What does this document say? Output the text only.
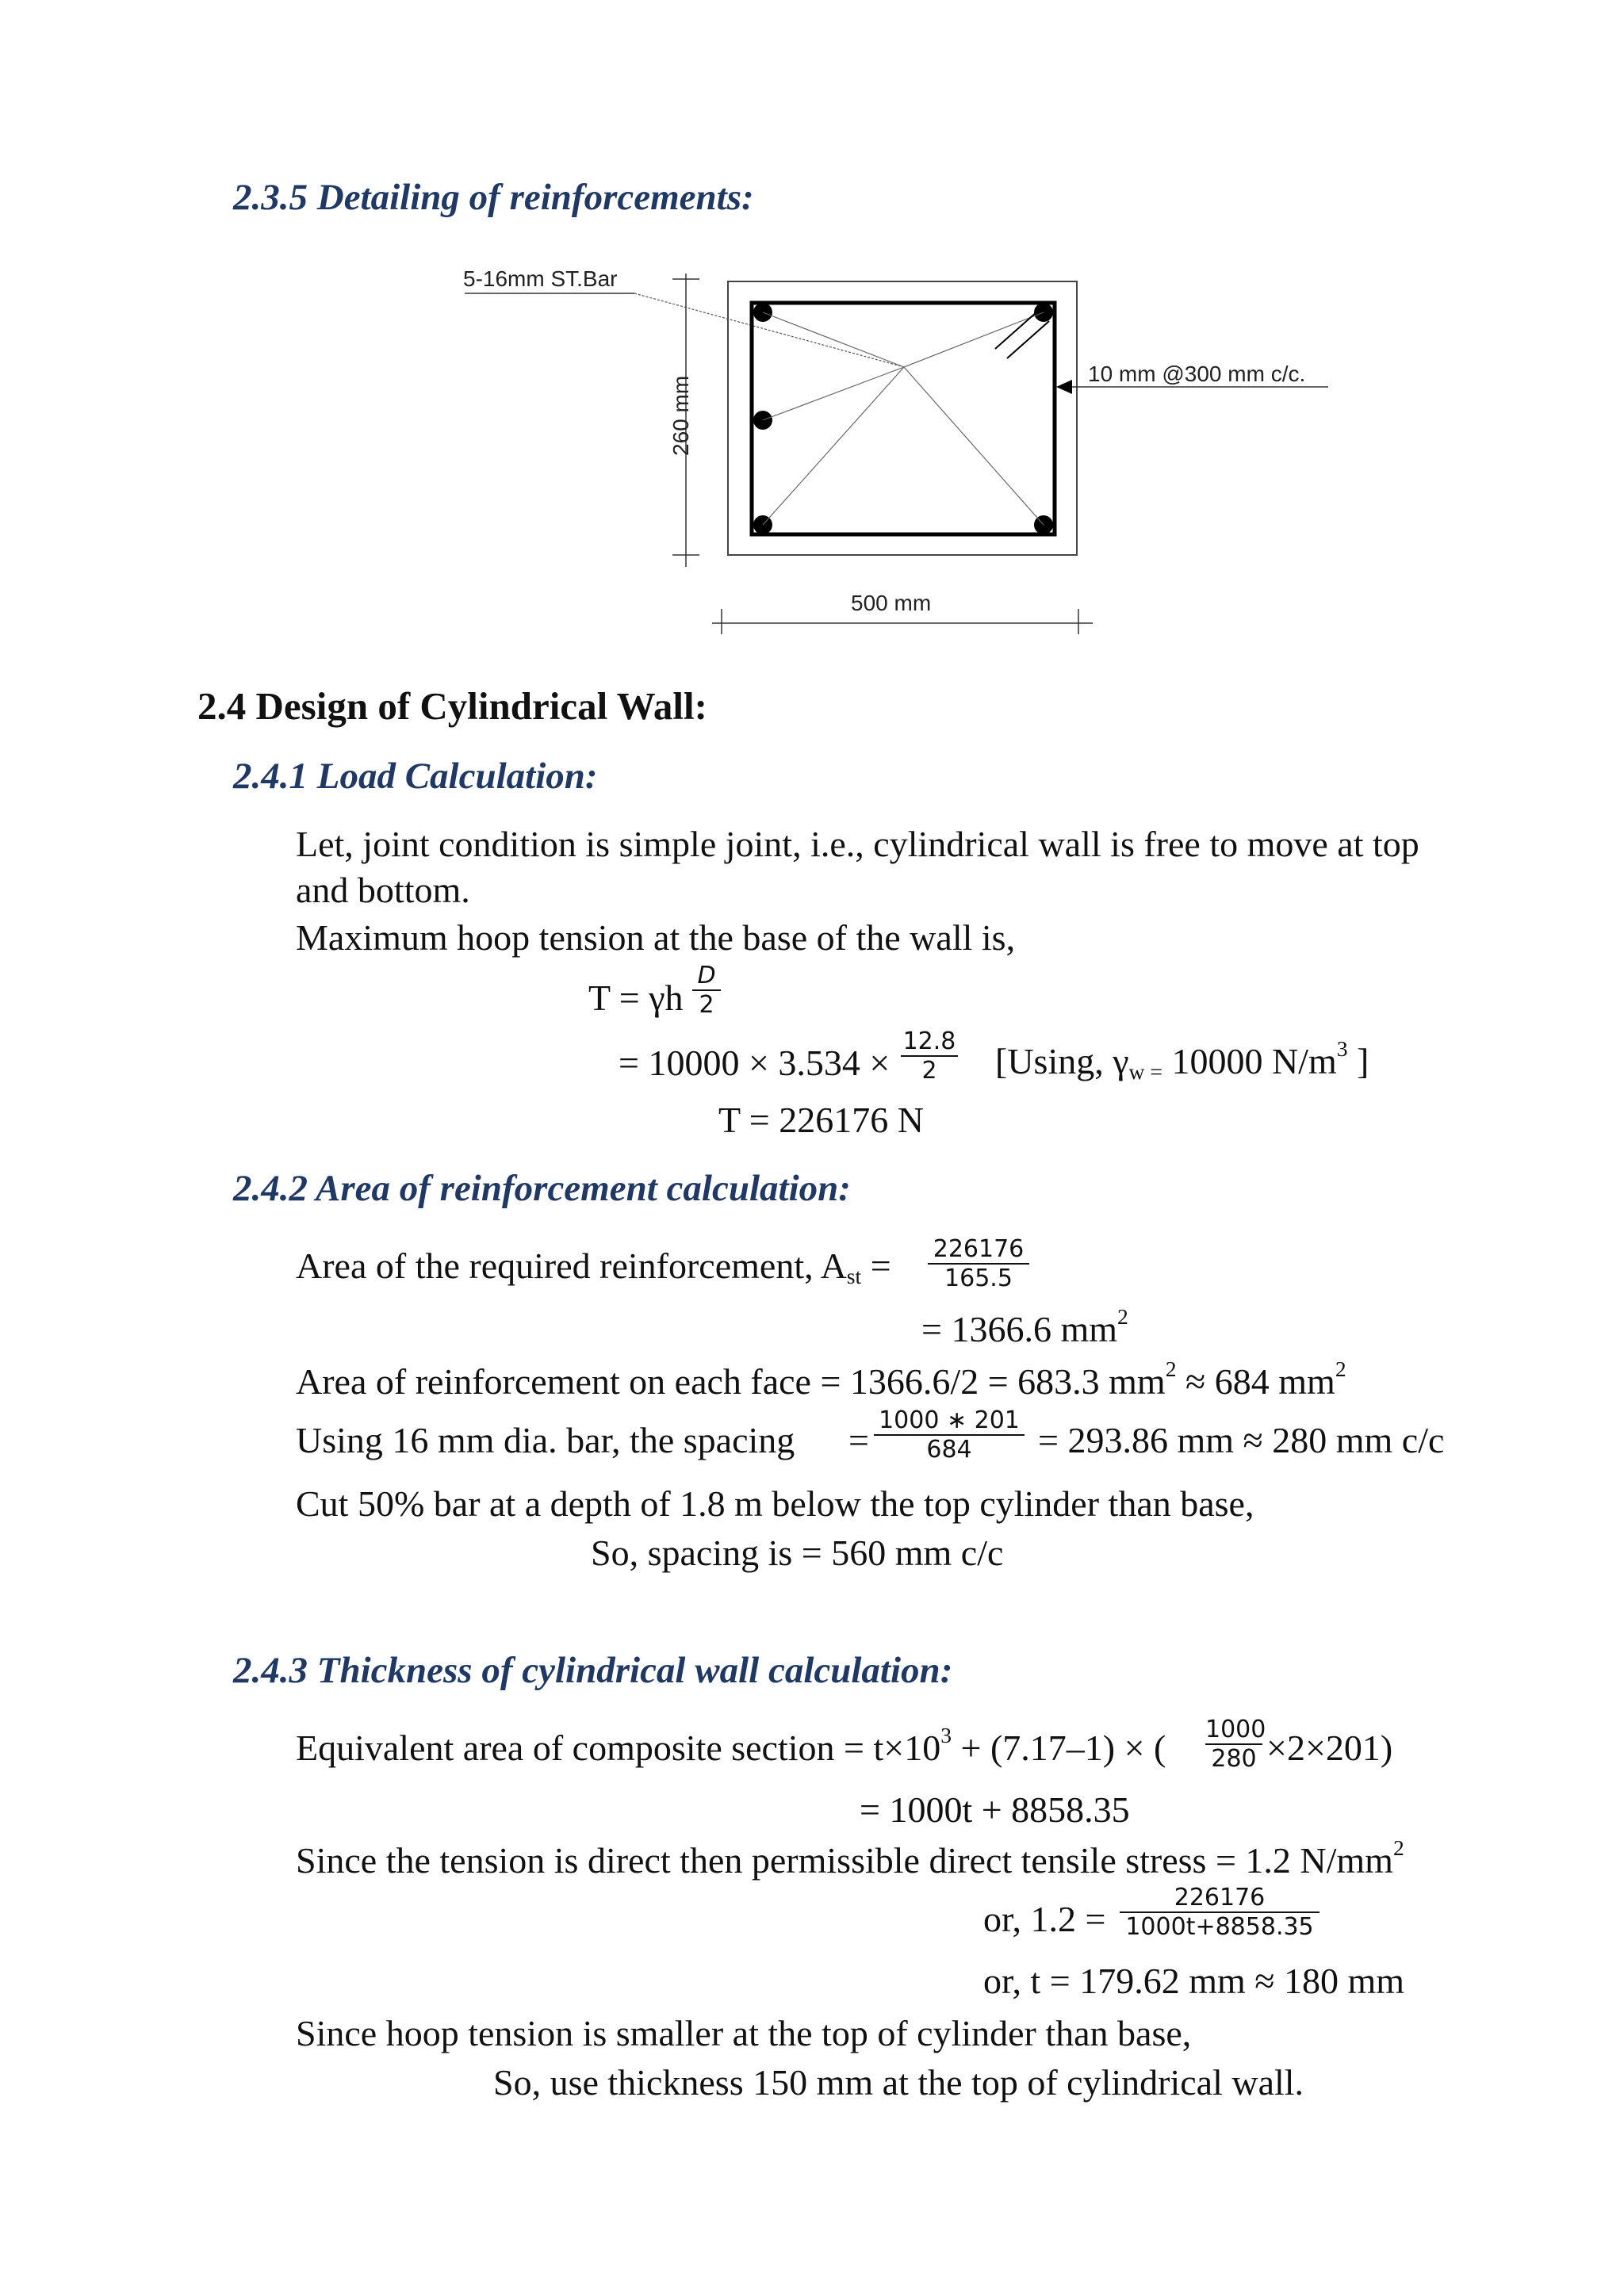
2.3.5 Detailing of reinforcements:
5-16mm ST.Bar
260 mm
10 mm @300 mm c/c.
500 mm
2.4 Design of Cylindrical Wall:
2.4.1 Load Calculation:
Let, joint condition is simple joint, i.e., cylindrical wall is free to move at top
and bottom.
Maximum hoop tension at the base of the wall is,
T = γh
D
2
= 10000 × 3.534 ×
12.8
2	[Using, $\gamma_{w =}$ 10000 $N/m^3$ ]
T = 226176 N
2.4.2 Area of reinforcement calculation:
Area of the required reinforcement, $A_{st} = 226176$
165.5
= 1366.6 $mm^2$
Area of reinforcement on each face = 1366.6/2 = 683.3 $mm^2 \approx 684$ $mm^2$
Using 16 mm dia. bar, the spacing = 1000 ∗ 201
684	= 293.86 mm ≈ 280 mm c/c
Cut 50% bar at a depth of 1.8 m below the top cylinder than base,
So, spacing is = 560 mm c/c
2.4.3 Thickness of cylindrical wall calculation:
Equivalent area of composite section = $t\times 10^3 + (7.17-1)$ × ( 1000
280 ×2×201)
= 1000t + 8858.35
Since the tension is direct then permissible direct tensile stress = 1.2 $N/mm^2$
or, 1.2 =
226176
1000t+8858.35
or, t = 179.62 mm ≈ 180 mm
Since hoop tension is smaller at the top of cylinder than base,
So, use thickness 150 mm at the top of cylindrical wall.
